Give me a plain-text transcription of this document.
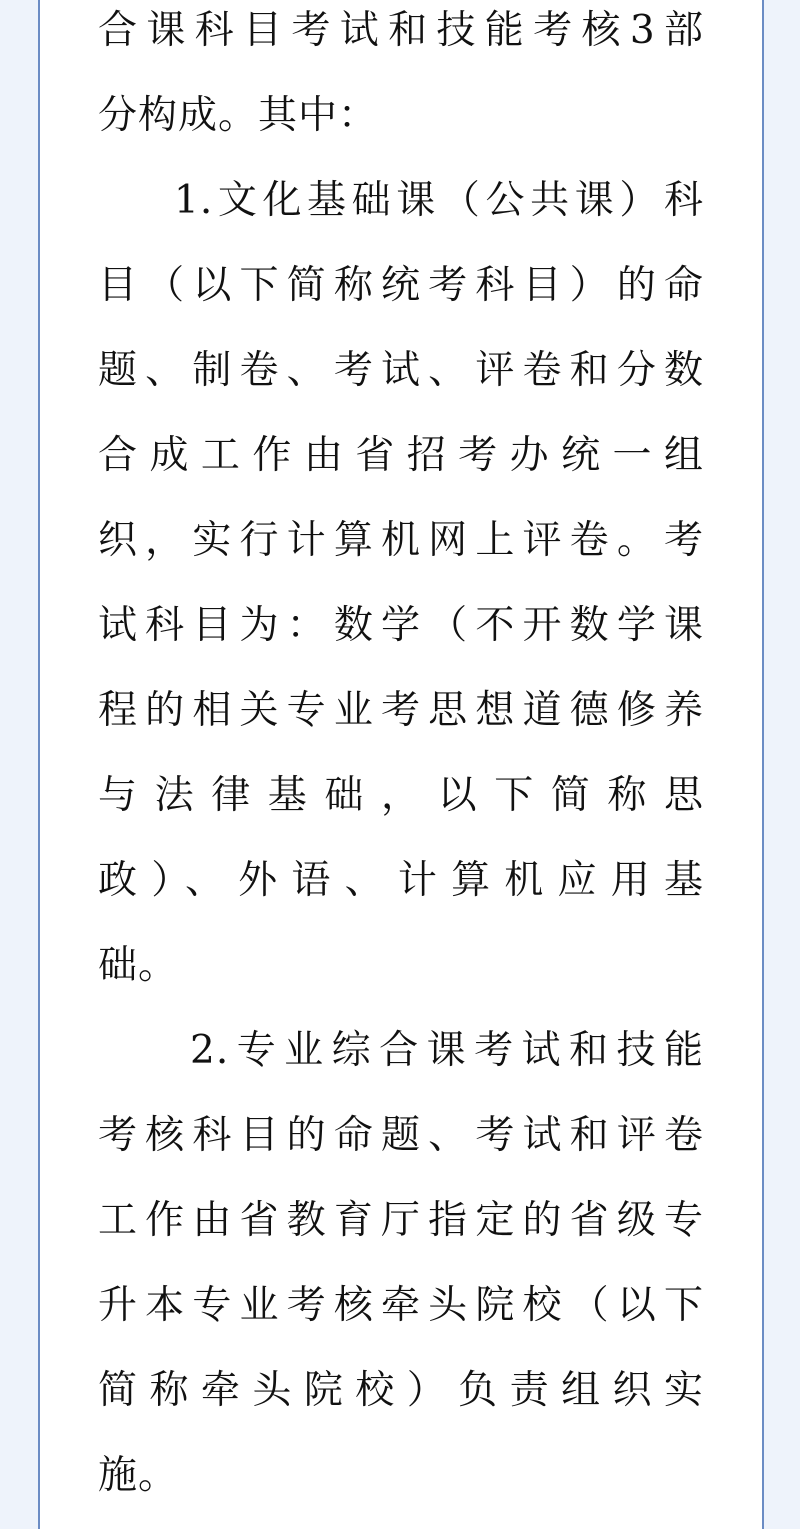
合课科目考试和技能考核3部
分构成。其中：
1.文化基础课（公共课）科
目（以下简称统考科目）的命
题、制卷、考试、评卷和分数
合成工作由省招考办统一组
织，实行计算机网上评卷。考
试科目为：数学（不开数学课
程的相关专业考思想道德修养
与法律基础，以下简称思
政）、外语、计算机应用基
础。
2.专业综合课考试和技能
考核科目的命题、考试和评卷
工作由省教育厅指定的省级专
升本专业考核牵头院校（以下
简称牵头院校）负责组织实
施。
